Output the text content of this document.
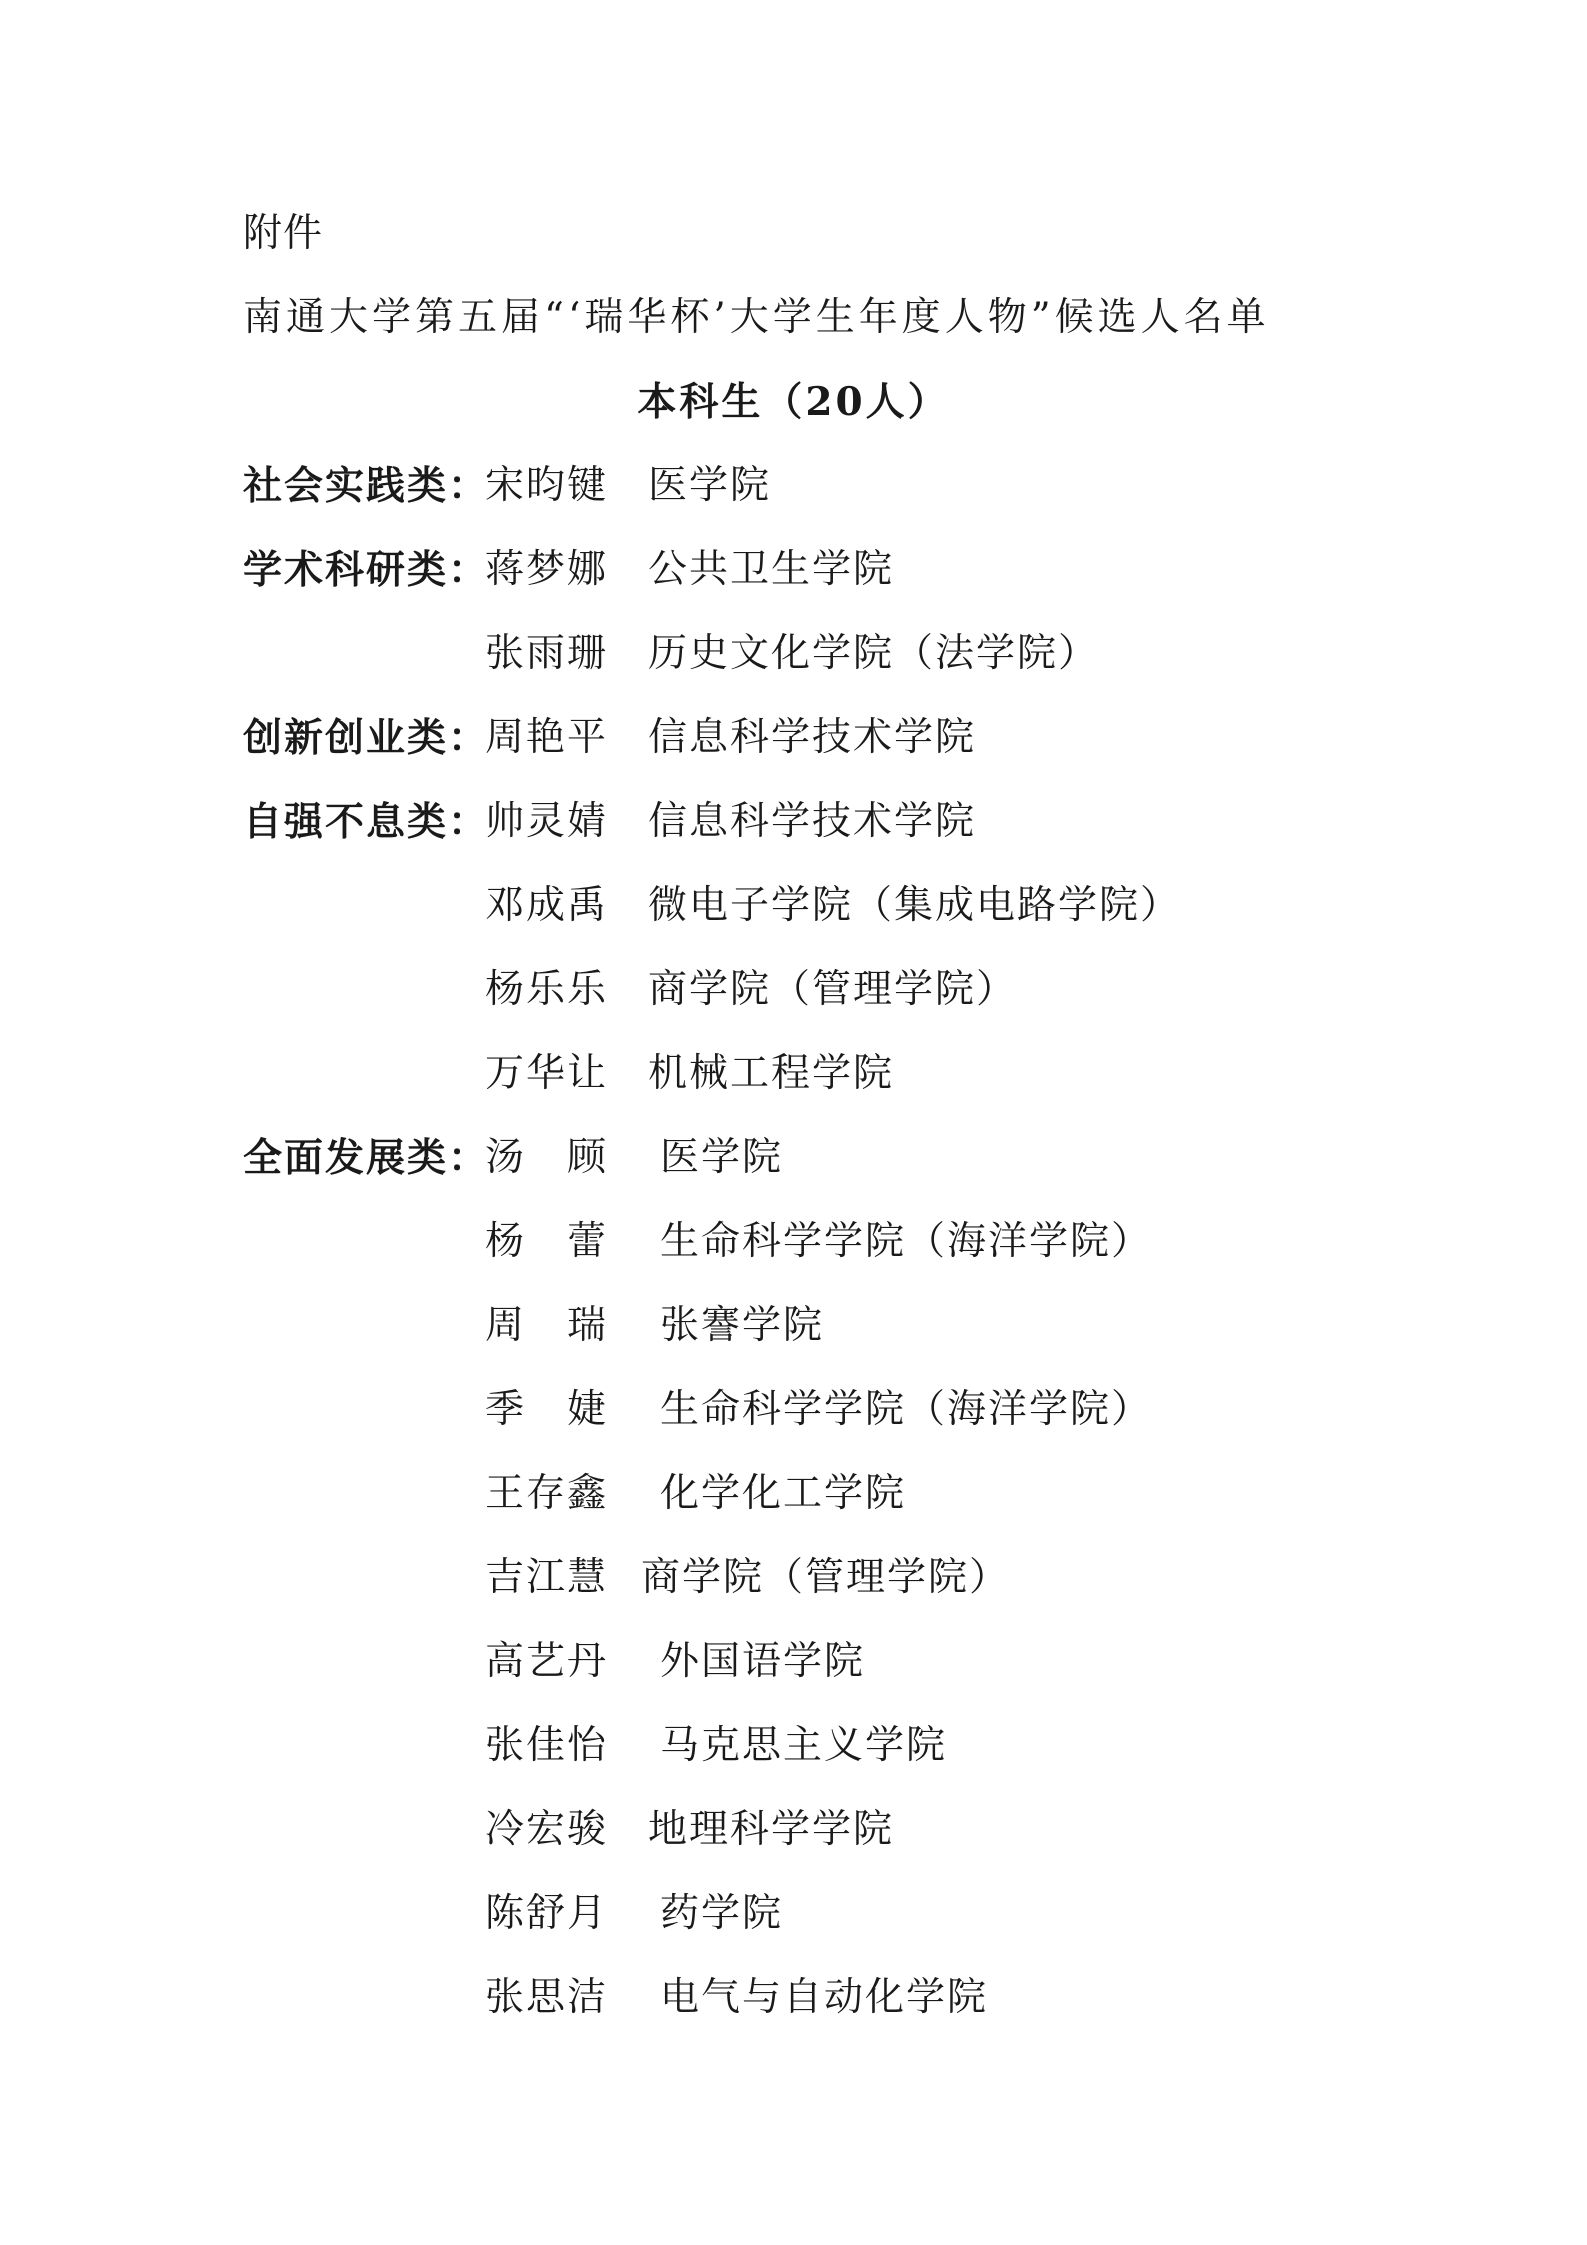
附件
南通大学第五届“‘瑞华杯’大学生年度人物”候选人名单
本科生（20人）
社会实践类：
宋昀键 医学院
学术科研类：
蒋梦娜 公共卫生学院
张雨珊 历史文化学院（法学院）
创新创业类：
周艳平 信息科学技术学院
自强不息类：
帅灵婧 信息科学技术学院
邓成禹 微电子学院（集成电路学院）
杨乐乐 商学院（管理学院）
万华让 机械工程学院
全面发展类：
汤　顾 医学院
杨　蕾 生命科学学院（海洋学院）
周　瑞 张謇学院
季　婕 生命科学学院（海洋学院）
王存鑫 化学化工学院
吉江慧 商学院（管理学院）
高艺丹 外国语学院
张佳怡 马克思主义学院
冷宏骏 地理科学学院
陈舒月 药学院
张思洁 电气与自动化学院
